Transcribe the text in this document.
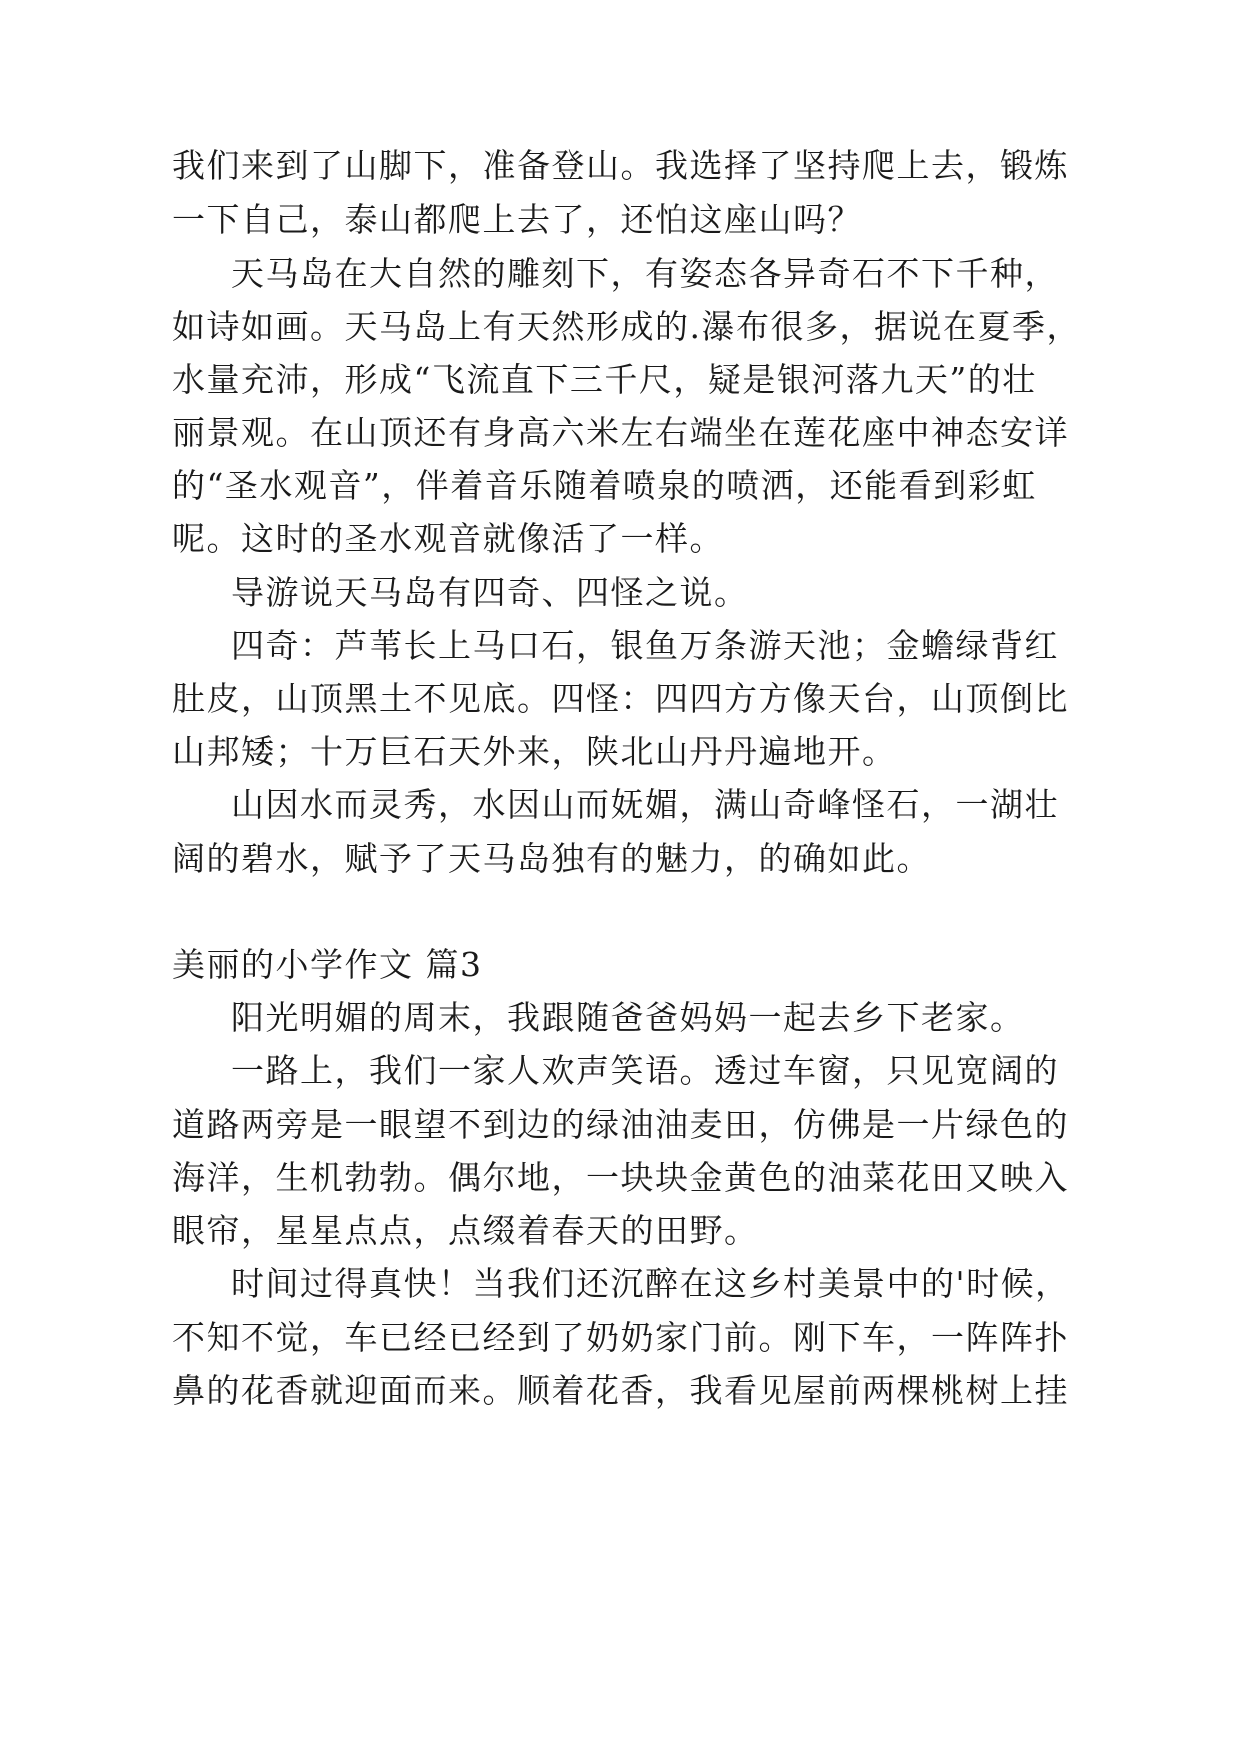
我们来到了山脚下，准备登山。我选择了坚持爬上去，锻炼
一下自己，泰山都爬上去了，还怕这座山吗？
天马岛在大自然的雕刻下，有姿态各异奇石不下千种，
如诗如画。天马岛上有天然形成的.瀑布很多，据说在夏季，
水量充沛，形成“飞流直下三千尺，疑是银河落九天”的壮
丽景观。在山顶还有身高六米左右端坐在莲花座中神态安详
的“圣水观音”，伴着音乐随着喷泉的喷洒，还能看到彩虹
呢。这时的圣水观音就像活了一样。
导游说天马岛有四奇、四怪之说。
四奇：芦苇长上马口石，银鱼万条游天池；金蟾绿背红
肚皮，山顶黑土不见底。四怪：四四方方像天台，山顶倒比
山邦矮；十万巨石天外来，陕北山丹丹遍地开。
山因水而灵秀，水因山而妩媚，满山奇峰怪石，一湖壮
阔的碧水，赋予了天马岛独有的魅力，的确如此。
美丽的小学作文 篇3
阳光明媚的周末，我跟随爸爸妈妈一起去乡下老家。
一路上，我们一家人欢声笑语。透过车窗，只见宽阔的
道路两旁是一眼望不到边的绿油油麦田，仿佛是一片绿色的
海洋，生机勃勃。偶尔地，一块块金黄色的油菜花田又映入
眼帘，星星点点，点缀着春天的田野。
时间过得真快！当我们还沉醉在这乡村美景中的'时候，
不知不觉，车已经已经到了奶奶家门前。刚下车，一阵阵扑
鼻的花香就迎面而来。顺着花香，我看见屋前两棵桃树上挂
